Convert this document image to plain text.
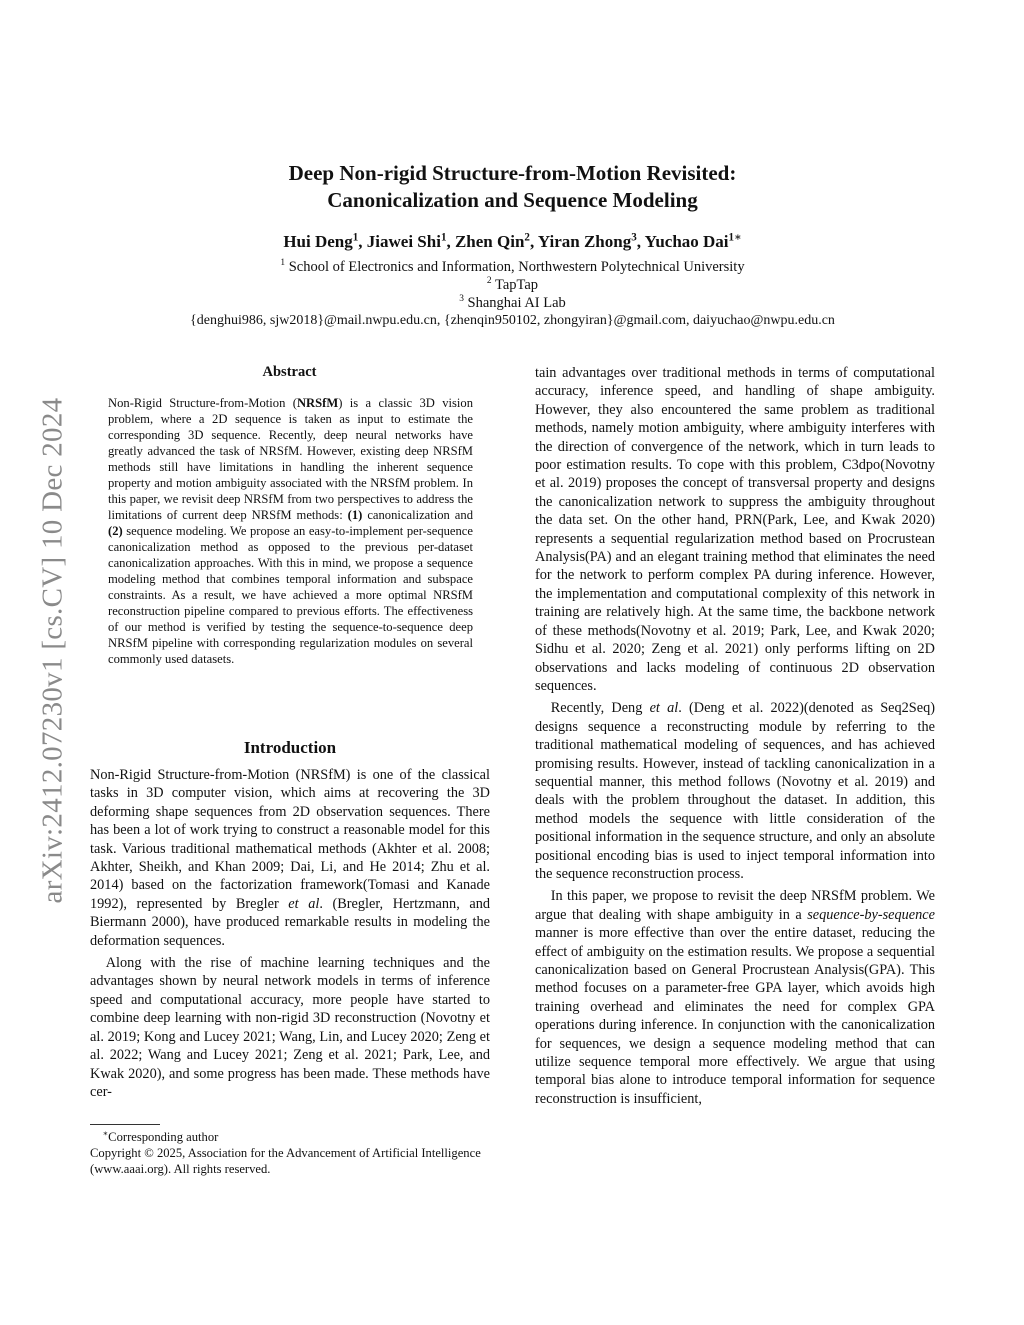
arXiv:2412.07230v1 [cs.CV] 10 Dec 2024
Deep Non-rigid Structure-from-Motion Revisited:
Canonicalization and Sequence Modeling
Hui Deng$^1$, Jiawei Shi$^1$, Zhen Qin$^2$, Yiran Zhong$^3$, Yuchao Dai$^{1∗}$
$^1$ School of Electronics and Information, Northwestern Polytechnical University
$^2$ TapTap
$^3$ Shanghai AI Lab
{denghui986, sjw2018}@mail.nwpu.edu.cn, {zhenqin950102, zhongyiran}@gmail.com, daiyuchao@nwpu.edu.cn
Abstract

Non-Rigid Structure-from-Motion (NRSfM) is a classic 3D vision problem, where a 2D sequence is taken as input to estimate the corresponding 3D sequence. Recently, deep neural networks have greatly advanced the task of NRSfM. However, existing deep NRSfM methods still have limitations in handling the inherent sequence property and motion ambiguity associated with the NRSfM problem. In this paper, we revisit deep NRSfM from two perspectives to address the limitations of current deep NRSfM methods: (1) canonicalization and (2) sequence modeling. We propose an easy-to-implement per-sequence canonicalization method as opposed to the previous per-dataset canonicalization approaches. With this in mind, we propose a sequence modeling method that combines temporal information and subspace constraints. As a result, we have achieved a more optimal NRSfM reconstruction pipeline compared to previous efforts. The effectiveness of our method is verified by testing the sequence-to-sequence deep NRSfM pipeline with corresponding regularization modules on several commonly used datasets.

Introduction

Non-Rigid Structure-from-Motion (NRSfM) is one of the classical tasks in 3D computer vision, which aims at recovering the 3D deforming shape sequences from 2D observation sequences. There has been a lot of work trying to construct a reasonable model for this task. Various traditional mathematical methods (Akhter et al. 2008; Akhter, Sheikh, and Khan 2009; Dai, Li, and He 2014; Zhu et al. 2014) based on the factorization framework(Tomasi and Kanade 1992), represented by Bregler et al. (Bregler, Hertzmann, and Biermann 2000), have produced remarkable results in modeling the deformation sequences.

Along with the rise of machine learning techniques and the advantages shown by neural network models in terms of inference speed and computational accuracy, more people have started to combine deep learning with non-rigid 3D reconstruction (Novotny et al. 2019; Kong and Lucey 2021; Wang, Lin, and Lucey 2020; Zeng et al. 2022; Wang and Lucey 2021; Zeng et al. 2021; Park, Lee, and Kwak 2020), and some progress has been made. These methods have cer-

∗Corresponding author

Copyright © 2025, Association for the Advancement of Artificial Intelligence (www.aaai.org). All rights reserved.

tain advantages over traditional methods in terms of computational accuracy, inference speed, and handling of shape ambiguity. However, they also encountered the same problem as traditional methods, namely motion ambiguity, where ambiguity interferes with the direction of convergence of the network, which in turn leads to poor estimation results. To cope with this problem, C3dpo(Novotny et al. 2019) proposes the concept of transversal property and designs the canonicalization network to suppress the ambiguity throughout the data set. On the other hand, PRN(Park, Lee, and Kwak 2020) represents a sequential regularization method based on Procrustean Analysis(PA) and an elegant training method that eliminates the need for the network to perform complex PA during inference. However, the implementation and computational complexity of this network in training are relatively high. At the same time, the backbone network of these methods(Novotny et al. 2019; Park, Lee, and Kwak 2020; Sidhu et al. 2020; Zeng et al. 2021) only performs lifting on 2D observations and lacks modeling of continuous 2D observation sequences.

Recently, Deng et al. (Deng et al. 2022)(denoted as Seq2Seq) designs sequence a reconstructing module by referring to the traditional mathematical modeling of sequences, and has achieved promising results. However, instead of tackling canonicalization in a sequential manner, this method follows (Novotny et al. 2019) and deals with the problem throughout the dataset. In addition, this method models the sequence with little consideration of the positional information in the sequence structure, and only an absolute positional encoding bias is used to inject temporal information into the sequence reconstruction process.

In this paper, we propose to revisit the deep NRSfM problem. We argue that dealing with shape ambiguity in a sequence-by-sequence manner is more effective than over the entire dataset, reducing the effect of ambiguity on the estimation results. We propose a sequential canonicalization based on General Procrustean Analysis(GPA). This method focuses on a parameter-free GPA layer, which avoids high training overhead and eliminates the need for complex GPA operations during inference. In conjunction with the canonicalization for sequences, we design a sequence modeling method that can utilize sequence temporal more effectively. We argue that using temporal bias alone to introduce temporal information for sequence reconstruction is insufficient,
